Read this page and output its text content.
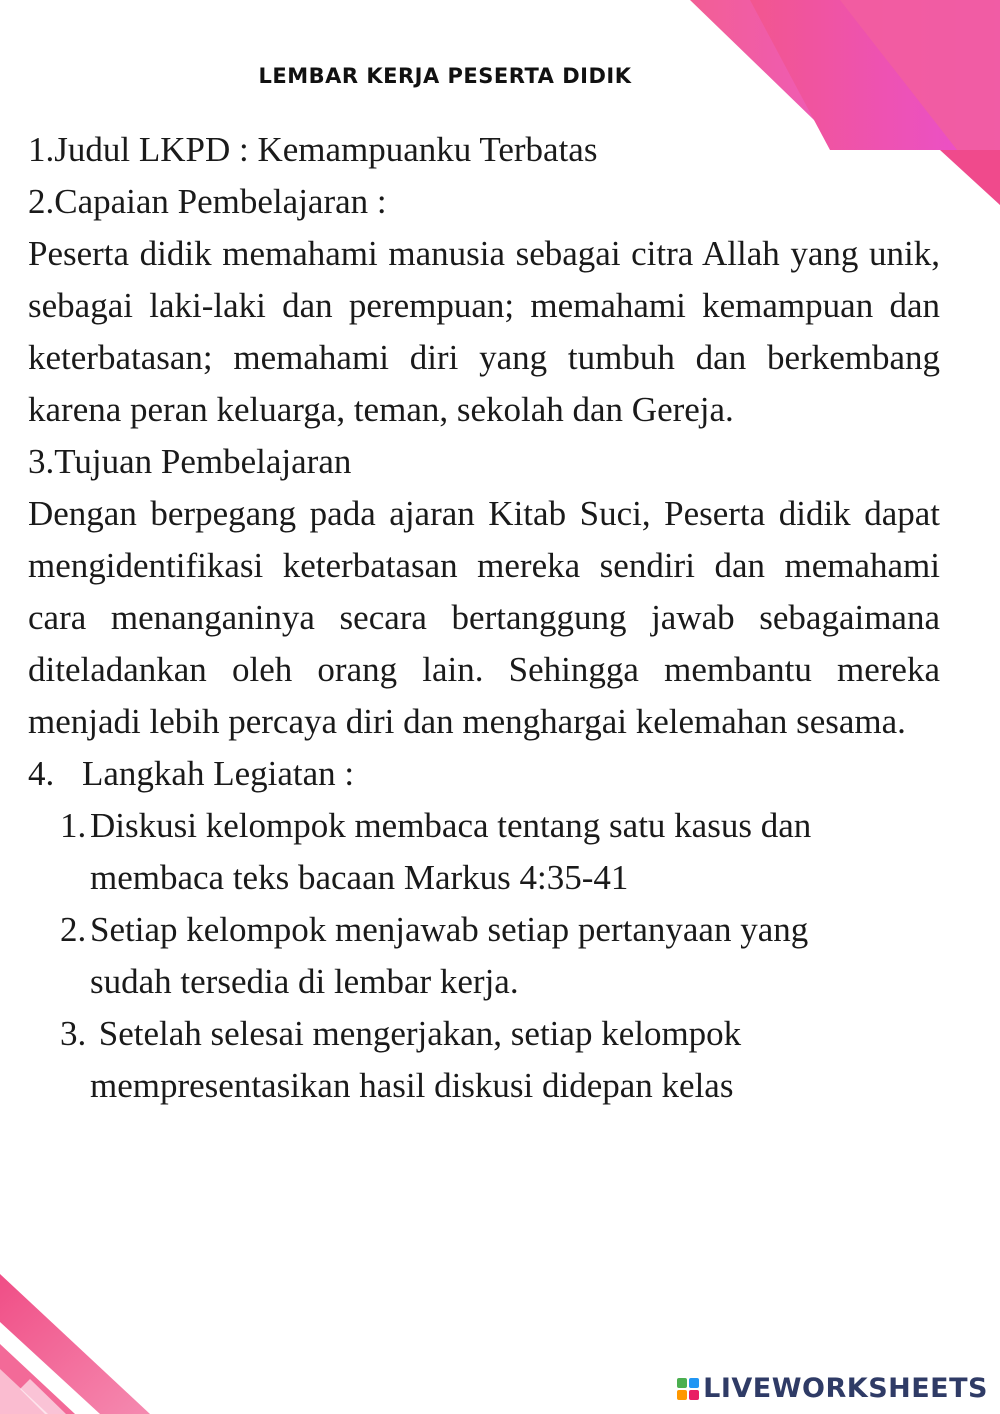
LEMBAR KERJA PESERTA DIDIK

1.Judul LKPD : Kemampuanku Terbatas

2.Capaian Pembelajaran :

Peserta didik memahami manusia sebagai citra Allah yang unik, sebagai laki-laki dan perempuan; memahami kemampuan dan keterbatasan; memahami diri yang tumbuh dan berkembang karena peran keluarga, teman, sekolah dan Gereja.

3.Tujuan Pembelajaran

Dengan berpegang pada ajaran Kitab Suci, Peserta didik dapat mengidentifikasi keterbatasan mereka sendiri dan memahami cara menanganinya secara bertanggung jawab sebagaimana diteladankan oleh orang lain. Sehingga membantu mereka menjadi lebih percaya diri dan menghargai kelemahan sesama.

4. Langkah Legiatan :

1. Diskusi kelompok membaca tentang satu kasus dan membaca teks bacaan Markus 4:35-41
2. Setiap kelompok menjawab setiap pertanyaan yang sudah tersedia di lembar kerja.
3. Setelah selesai mengerjakan, setiap kelompok mempresentasikan hasil diskusi didepan kelas
LIVEWORKSHEETS
